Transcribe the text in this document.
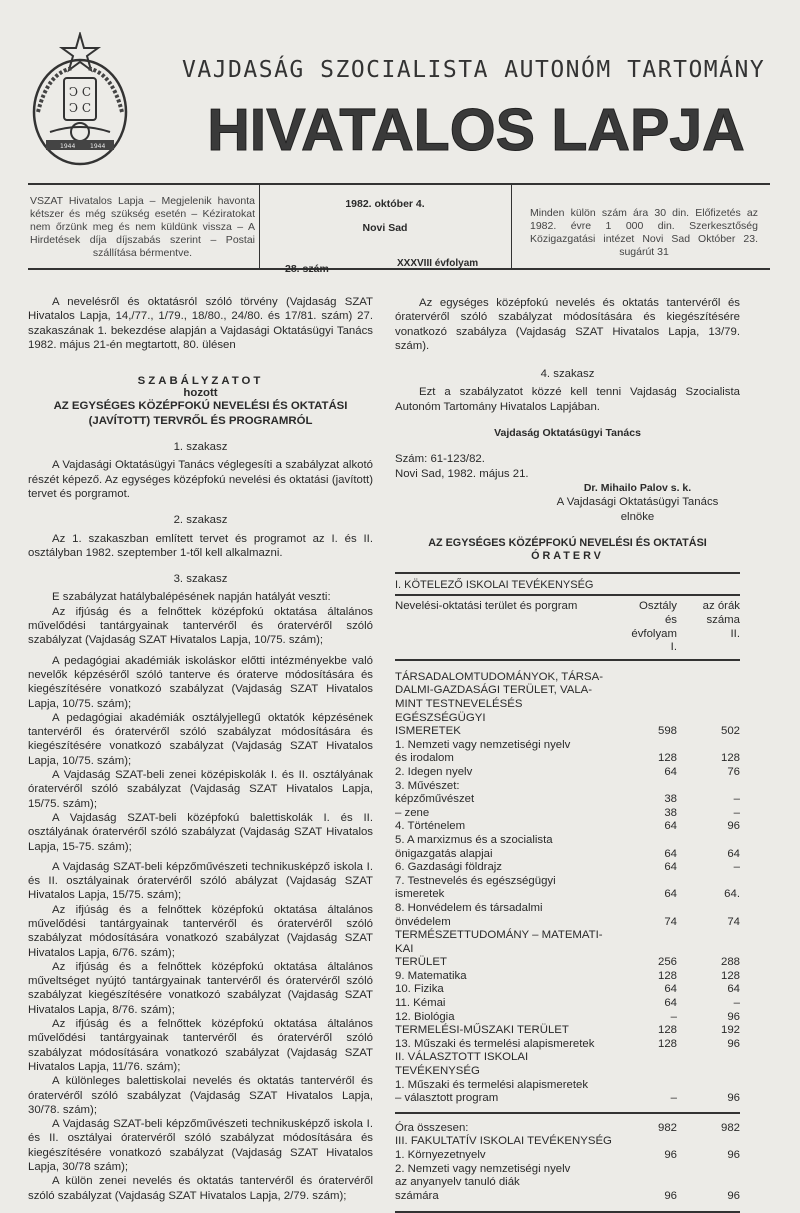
Ͻ C
Ͻ C
1944 1944
VAJDASÁG SZOCIALISTA AUTONÓM TARTOMÁNY
HIVATALOS LAPJA
VSZAT Hivatalos Lapja – Megjelenik havonta kétszer és még szükség esetén – Kéziratokat nem őrzünk meg és nem küldünk vissza – A Hirdetések díja díjszabás szerint – Postai szállítása bérmentve.
1982. október 4.
Novi Sad
28. szám	XXXVIII évfolyam
Minden külön szám ára 30 din. Előfizetés az 1982. évre 1 000 din. Szerkesztőség Közigazgatási intézet Novi Sad Október 23. sugárút 31

A nevelésről és oktatásról szóló törvény (Vajdaság SZAT Hivatalos Lapja, 14,/77., 1/79., 18/80., 24/80. és 17/81. szám) 27. szakaszának 1. bekezdése alapján a Vajdasági Oktatásügyi Tanács 1982. május 21-én megtartott, 80. ülésen

SZABÁLYZATOT

hozott

AZ EGYSÉGES KÖZÉPFOKÚ NEVELÉSI ÉS OKTATÁSI (JAVÍTOTT) TERVRŐL ÉS PROGRAMRÓL

1. szakasz

A Vajdasági Oktatásügyi Tanács véglegesíti a szabályzat alkotó részét képező. Az egységes középfokú nevelési és oktatási (javított) tervet és porgramot.

2. szakasz

Az 1. szakaszban említett tervet és programot az I. és II. osztályban 1982. szeptember 1-től kell alkalmazni.

3. szakasz

E szabályzat hatálybalépésének napján hatályát veszti:

Az ifjúság és a felnőttek középfokú oktatása általános művelődési tantárgyainak tantervéről és óratervéről szóló szabályzat (Vajdaság SZAT Hivatalos Lapja, 10/75. szám);

A pedagógiai akadémiák iskoláskor előtti intézményekbe való nevelők képzéséről szóló tanterve és óraterve módosítására és kiegészítésére vonatkozó szabályzat (Vajdaság SZAT Hivatalos Lapja, 10/75. szám);

A pedagógiai akadémiák osztályjellegű oktatók képzésének tantervéről és óratervéről szóló szabályzat módosítására és kiegészítésére vonatkozó szabályzat (Vajdaság SZAT Hivatalos Lapja, 10/75. szám);

A Vajdaság SZAT-beli zenei középiskolák I. és II. osztályának óratervéről szóló szabályzat (Vajdaság SZAT Hivatalos Lapja, 15/75. szám);

A Vajdaság SZAT-beli középfokú balettiskolák I. és II. osztályának óratervéről szóló szabályzat (Vajdaság SZAT Hivatalos Lapja, 15-75. szám);

A Vajdaság SZAT-beli képzőművészeti technikusképző iskola I. és II. osztályainak óratervéről szóló abályzat (Vajdaság SZAT Hivatalos Lapja, 15/75. szám);

Az ifjúság és a felnőttek középfokú oktatása általános művelődési tantárgyainak tantervéről és óratervéről szóló szabályzat módosítására vonatkozó szabályzat (Vajdaság SZAT Hivatalos Lapja, 6/76. szám);

Az ifjúság és a felnőttek középfokú oktatása általános műveltséget nyújtó tantárgyainak tantervéről és óratervéről szóló szabályzat kiegészítésére vonatkozó szabályzat (Vajdaság SZAT Hivatalos Lapja, 8/76. szám);

Az ifjúság és a felnőttek középfokú oktatása általános művelődési tantárgyainak tantervéről és óratervéről szóló szabályzat módosítására vonatkozó szabályzat (Vajdaság SZAT Hivatalos Lapja, 11/76. szám);

A különleges balettiskolai nevelés és oktatás tantervéről és óratervéről szóló szabályzat (Vajdaság SZAT Hivatalos Lapja, 30/78. szám);

A Vajdaság SZAT-beli képzőművészeti technikusképző iskola I. és II. osztályai óratervéről szóló szabályzat módosítására és kiegészítésére vonatkozó szabályzat (Vajdaság SZAT Hivatalos Lapja, 30/78 szám);

A külön zenei nevelés és oktatás tantervéről és óratervéről szóló szabályzat (Vajdaság SZAT Hivatalos Lapja, 2/79. szám);

Az egységes középfokú nevelés és oktatás tantervéről és óratervéről szóló szabályzat módosítására és kiegészítésére vonatkozó szabályza (Vajdaság SZAT Hivatalos Lapja, 13/79. szám).

4. szakasz

Ezt a szabályzatot közzé kell tenni Vajdaság Szocialista Autonóm Tartomány Hivatalos Lapjában.

Vajdaság Oktatásügyi Tanács

Szám: 61-123/82.

Novi Sad, 1982. május 21.

Dr. Mihailo Palov s. k.

A Vajdasági Oktatásügyi Tanács

elnöke

AZ EGYSÉGES KÖZÉPFOKÚ NEVELÉSI ÉS OKTATÁSI

ÓRATERV

I. KÖTELEZŐ ISKOLAI TEVÉKENYSÉG

Nevelési-oktatási terület és porgram	Osztály
és
évfolyam
I.	az órák
száma
II.
TÁRSADALOMTUDOMÁNYOK, TÁRSA-
DALMI-GAZDASÁGI TERÜLET, VALA-
MINT TESTNEVELÉSÉS EGÉSZSÉGÜGYI
ISMERETEK	598	502
1. Nemzeti vagy nemzetiségi nyelv
és irodalom	128	128
2. Idegen nyelv	64	76
3. Művészet:
képzőművészet	38	–
– zene	38	–
4. Történelem	64	96
5. A marxizmus és a szocialista
önigazgatás alapjai	64	64
6. Gazdasági földrajz	64	–
7. Testnevelés és egészségügyi
ismeretek	64	64.
8. Honvédelem és társadalmi
önvédelem	74	74
TERMÉSZETTUDOMÁNY – MATEMATI-
KAI
TERÜLET	256	288
9. Matematika	128	128
10. Fizika	64	64
11. Kémai	64	–
12. Biológia	–	96
TERMELÉSI-MŰSZAKI TERÜLET	128	192
13. Műszaki és termelési alapismeretek	128	96
II. VÁLASZTOTT ISKOLAI TEVÉKENYSÉG		
1. Műszaki és termelési alapismeretek
– választott program	–	96
Óra összesen:	982	982
III. FAKULTATÍV ISKOLAI TEVÉKENYSÉG		
1. Környezetnyelv	96	96
2. Nemzeti vagy nemzetiségi nyelv
az anyanyelv tanuló diák
számára	96	96
